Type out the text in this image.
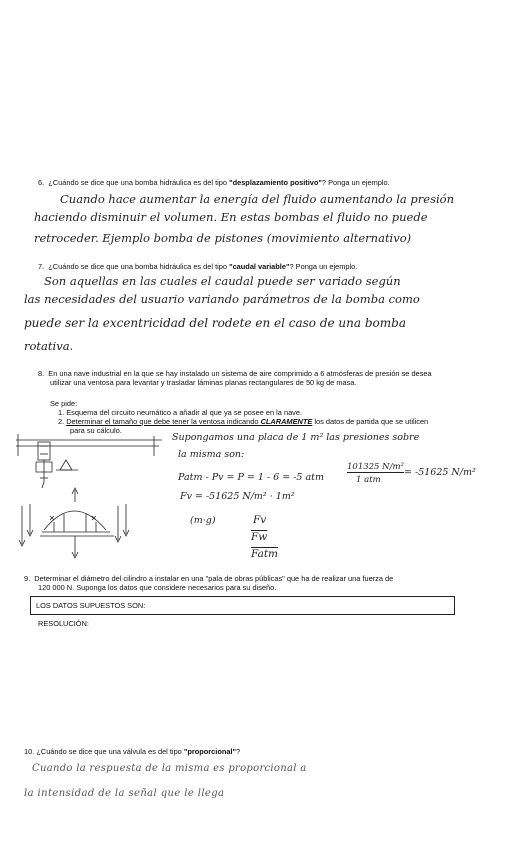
6. ¿Cuándo se dice que una bomba hidráulica es del tipo "desplazamiento positivo"? Ponga un ejemplo.
Cuando hace aumentar la energía del fluido aumentando la presión
haciendo disminuir el volumen. En estas bombas el fluido no puede
retroceder. Ejemplo bomba de pistones (movimiento alternativo)
7. ¿Cuándo se dice que una bomba hidráulica es del tipo "caudal variable"? Ponga un ejemplo.
Son aquellas en las cuales el caudal puede ser variado según
las necesidades del usuario variando parámetros de la bomba como
puede ser la excentricidad del rodete en el caso de una bomba
rotativa.
8. En una nave industrial en la que se hay instalado un sistema de aire comprimido a 6 atmósferas de presión se desea
utilizar una ventosa para levantar y trasladar láminas planas rectangulares de 50 kg de masa.
Se pide:
1. Esquema del circuito neumático a añadir al que ya se posee en la nave.
2. Determinar el tamaño que debe tener la ventosa indicando CLARAMENTE los datos de partida que se utilicen
para su cálculo.
Supongamos una placa de 1 m² las presiones sobre
la misma son:
Patm - Pv = P = 1 - 6 = -5 atm
101325 N/m²
1 atm
= -51625 N/m²
Fv = -51625 N/m² · 1m²
(m·g)	Fv
$\overline{Fw}$
Fatm
9. Determinar el diámetro del cilindro a instalar en una "pala de obras públicas" que ha de realizar una fuerza de
120 000 N. Suponga los datos que considere necesarios para su diseño.
LOS DATOS SUPUESTOS SON:
RESOLUCIÓN:
10. ¿Cuándo se dice que una válvula es del tipo "proporcional"?
Cuando la respuesta de la misma es proporcional a
la intensidad de la señal que le llega
